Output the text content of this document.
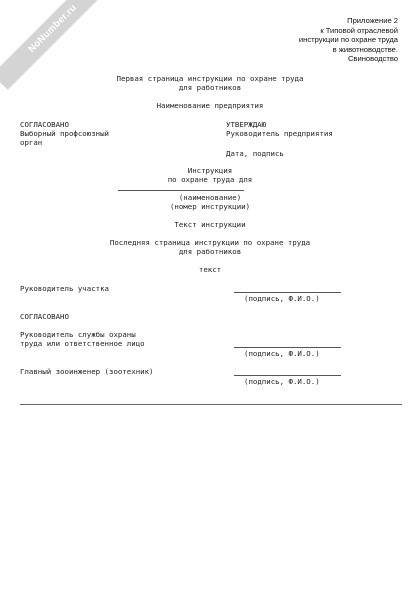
NoNumber.ru	Приложение 2
к Типовой отраслевой
инструкции по охране труда
в животноводстве.
Свиноводство
Первая страница инструкции по охране труда
для работников
Наименование предприятия
СОГЛАСОВАНО
Выборный профсоюзный
орган
УТВЕРЖДАЮ
Руководитель предприятия
Дата, подпись
Инструкция
по охране труда для
(наименование)
(номер инструкции)
Текст инструкции
Последняя страница инструкции по охране труда
для работников
текст
Руководитель участка
(подпись, Ф.И.О.)
СОГЛАСОВАНО
Руководитель службы охраны
труда или ответственное лицо
(подпись, Ф.И.О.)
Главный зооинженер (зоотехник)
(подпись, Ф.И.О.)
